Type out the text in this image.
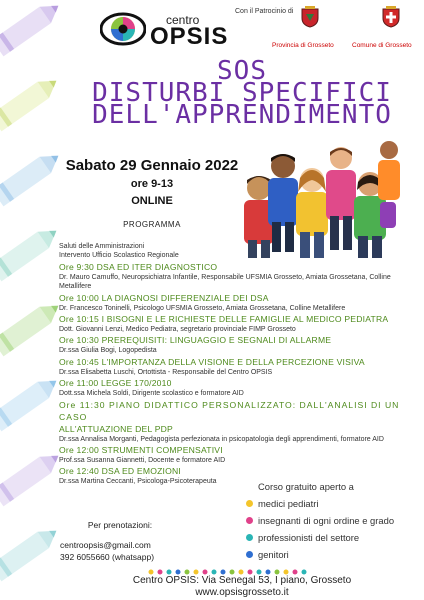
centro
OPSIS
Con il Patrocinio di
Provincia di Grosseto	Comune di Grosseto
SOS
DISTURBI SPECIFICI
DELL'APPRENDIMENTO
Sabato 29 Gennaio 2022
ore 9-13
ONLINE
PROGRAMMA
Saluti delle Amministrazioni
Intervento Ufficio Scolastico Regionale
Ore 9:30 DSA ED ITER DIAGNOSTICO
Dr. Mauro Camuffo, Neuropsichiatra Infantile, Responsabile UFSMIA Grosseto, Amiata Grossetana, Colline Metallifere
Ore 10:00 LA DIAGNOSI DIFFERENZIALE DEI DSA
Dr. Francesco Toninelli, Psicologo UFSMIA Grosseto, Amiata Grossetana, Colline Metallifere
Ore 10:15 I BISOGNI E LE RICHIESTE DELLE FAMIGLIE AL MEDICO PEDIATRA
Dott. Giovanni Lenzi, Medico Pediatra, segretario provinciale FIMP Grosseto
Ore 10:30 PREREQUISITI: LINGUAGGIO E SEGNALI DI ALLARME
Dr.ssa Giulia Bogi, Logopedista
Ore 10:45 L'IMPORTANZA DELLA VISIONE E DELLA PERCEZIONE VISIVA
Dr.ssa Elisabetta Luschi, Ortottista - Responsabile del Centro OPSIS
Ore 11:00 LEGGE 170/2010
Dott.ssa Michela Soldi, Dirigente scolastico e formatore AID
Ore 11:30 PIANO DIDATTICO PERSONALIZZATO: DALL'ANALISI DI UN CASO
ALL'ATTUAZIONE DEL PDP
Dr.ssa Annalisa Morganti, Pedagogista perfezionata in psicopatologia degli apprendimenti, formatore AID
Ore 12:00 STRUMENTI COMPENSATIVI
Prof.ssa Susanna Giannetti, Docente e formatore AID
Ore 12:40 DSA ED EMOZIONI
Dr.ssa Martina Ceccanti, Psicologa-Psicoterapeuta
Per prenotazioni:
centroopsis@gmail.com
392 6055660 (whatsapp)
Corso gratuito aperto a
medici pediatri
insegnanti di ogni ordine e grado
professionisti del settore
genitori
Centro OPSIS: Via Senegal 53, I piano, Grosseto
www.opsisgrosseto.it
